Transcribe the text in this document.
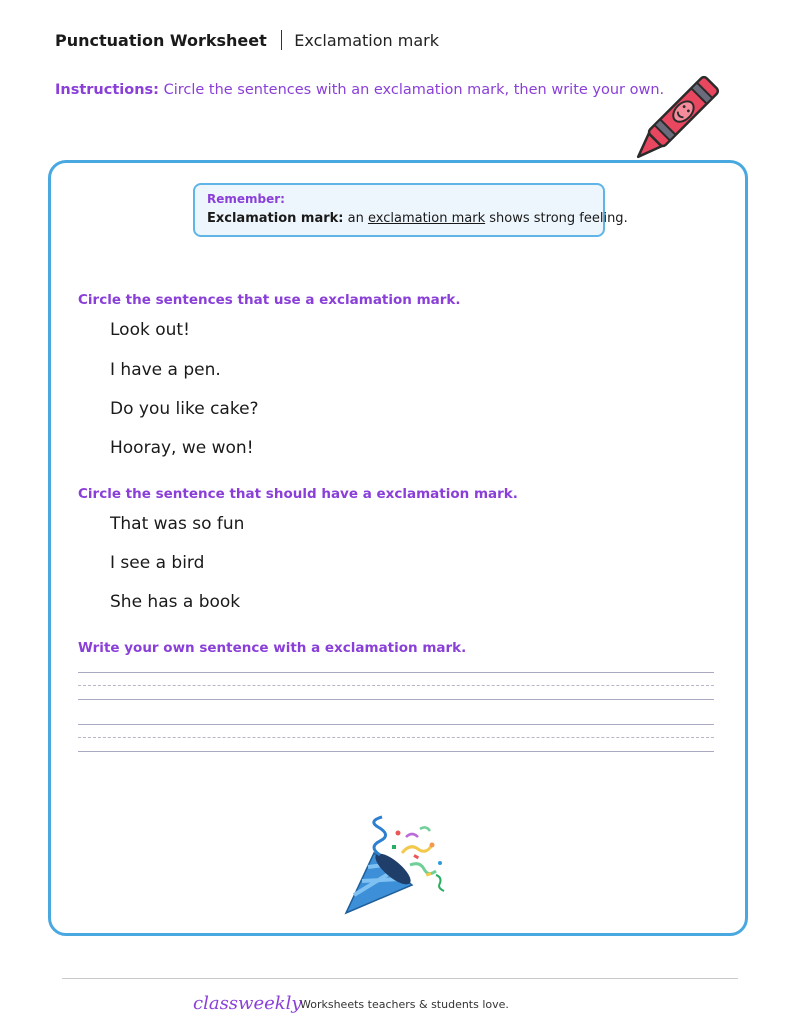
Punctuation Worksheet Exclamation mark
Instructions: Circle the sentences with an exclamation mark, then write your own.
Remember:
Exclamation mark: an exclamation mark shows strong feeling.
Circle the sentences that use a exclamation mark.
Look out!
I have a pen.
Do you like cake?
Hooray, we won!
Circle the sentence that should have a exclamation mark.
That was so fun
I see a bird
She has a book
Write your own sentence with a exclamation mark.
classweekly
Worksheets teachers & students love.
